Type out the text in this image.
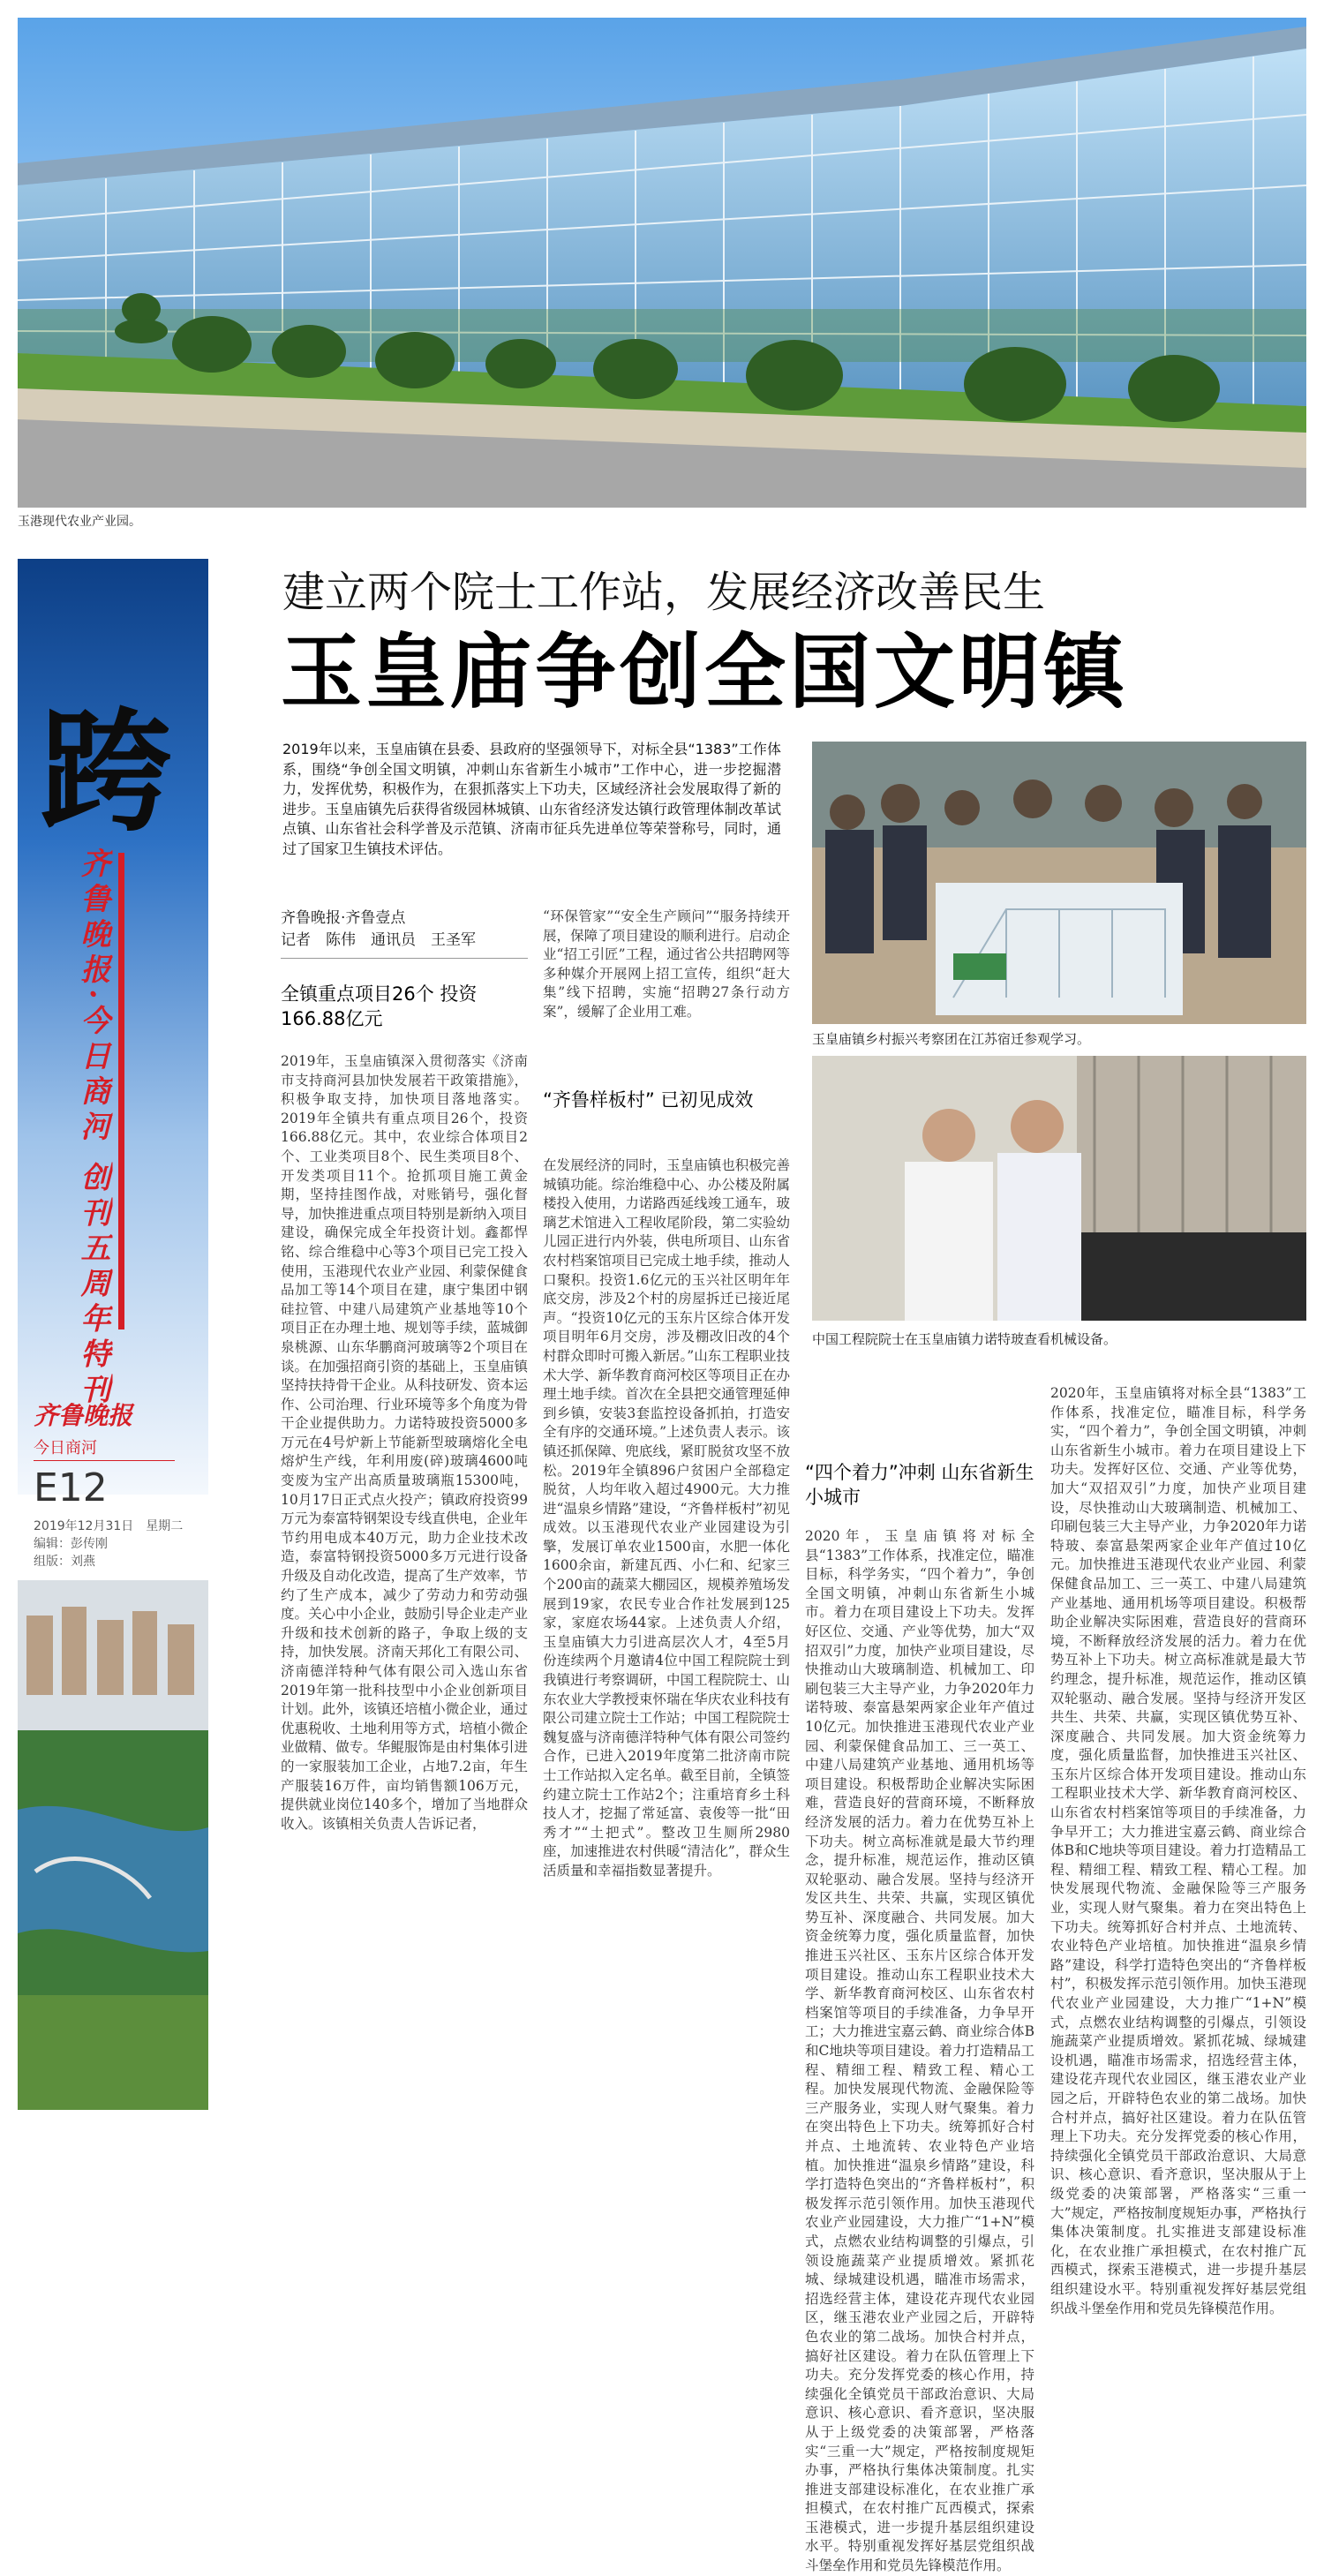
玉港现代农业产业园。
跨
齐鲁晚报·今日商河 创刊五周年特刊
齐鲁晚报
今日商河
E12
2019年12月31日　星期二
编辑：彭传刚
组版：刘燕
建立两个院士工作站，发展经济改善民生
玉皇庙争创全国文明镇
2019年以来，玉皇庙镇在县委、县政府的坚强领导下，对标全县“1383”工作体系，围绕“争创全国文明镇，冲刺山东省新生小城市”工作中心，进一步挖掘潜力，发挥优势，积极作为，在狠抓落实上下功夫，区域经济社会发展取得了新的进步。玉皇庙镇先后获得省级园林城镇、山东省经济发达镇行政管理体制改革试点镇、山东省社会科学普及示范镇、济南市征兵先进单位等荣誉称号，同时，通过了国家卫生镇技术评估。
玉皇庙镇乡村振兴考察团在江苏宿迁参观学习。
中国工程院院士在玉皇庙镇力诺特玻查看机械设备。
齐鲁晚报·齐鲁壹点
记者　陈伟　通讯员　王圣军
全镇重点项目26个 投资166.88亿元
2019年，玉皇庙镇深入贯彻落实《济南市支持商河县加快发展若干政策措施》，积极争取支持，加快项目落地落实。2019年全镇共有重点项目26个，投资166.88亿元。其中，农业综合体项目2个、工业类项目8个、民生类项目8个、开发类项目11个。抢抓项目施工黄金期，坚持挂图作战，对账销号，强化督导，加快推进重点项目特别是新纳入项目建设，确保完成全年投资计划。鑫都悍铭、综合维稳中心等3个项目已完工投入使用，玉港现代农业产业园、利蒙保健食品加工等14个项目在建，康宁集团中钢硅拉管、中建八局建筑产业基地等10个项目正在办理土地、规划等手续，蓝城御泉桃源、山东华鹏商河玻璃等2个项目在谈。在加强招商引资的基础上，玉皇庙镇坚持扶持骨干企业。从科技研发、资本运作、公司治理、行业环境等多个角度为骨干企业提供助力。力诺特玻投资5000多万元在4号炉新上节能新型玻璃熔化全电熔炉生产线，年利用废(碎)玻璃4600吨变废为宝产出高质量玻璃瓶15300吨，10月17日正式点火投产；镇政府投资99万元为泰富特钢架设专线直供电，企业年节约用电成本40万元，助力企业技术改造，泰富特钢投资5000多万元进行设备升级及自动化改造，提高了生产效率，节约了生产成本，减少了劳动力和劳动强度。关心中小企业，鼓励引导企业走产业升级和技术创新的路子，争取上级的支持，加快发展。济南天邦化工有限公司、济南德洋特种气体有限公司入选山东省2019年第一批科技型中小企业创新项目计划。此外，该镇还培植小微企业，通过优惠税收、土地利用等方式，培植小微企业做精、做专。华鲲服饰是由村集体引进的一家服装加工企业，占地7.2亩，年生产服装16万件，亩均销售额106万元，提供就业岗位140多个，增加了当地群众收入。该镇相关负责人告诉记者，
“环保管家”“安全生产顾问”“服务持续开展，保障了项目建设的顺利进行。启动企业“招工引匠”工程，通过省公共招聘网等多种媒介开展网上招工宣传，组织“赶大集”线下招聘，实施“招聘27条行动方案”，缓解了企业用工难。
“齐鲁样板村” 已初见成效
在发展经济的同时，玉皇庙镇也积极完善城镇功能。综治维稳中心、办公楼及附属楼投入使用，力诺路西延线竣工通车，玻璃艺术馆进入工程收尾阶段，第二实验幼儿园正进行内外装，供电所项目、山东省农村档案馆项目已完成土地手续，推动人口聚积。投资1.6亿元的玉兴社区明年年底交房，涉及2个村的房屋拆迁已接近尾声。“投资10亿元的玉东片区综合体开发项目明年6月交房，涉及棚改旧改的4个村群众即时可搬入新居。”山东工程职业技术大学、新华教育商河校区等项目正在办理土地手续。首次在全县把交通管理延伸到乡镇，安装3套监控设备抓拍，打造安全有序的交通环境。”上述负责人表示。该镇还抓保障、兜底线，紧盯脱贫攻坚不放松。2019年全镇896户贫困户全部稳定脱贫，人均年收入超过4900元。大力推进“温泉乡情路”建设，“齐鲁样板村”初见成效。以玉港现代农业产业园建设为引擎，发展订单农业1500亩，水肥一体化1600余亩，新建瓦西、小仁和、纪家三个200亩的蔬菜大棚园区，规模养殖场发展到19家，农民专业合作社发展到125家，家庭农场44家。上述负责人介绍，玉皇庙镇大力引进高层次人才，4至5月份连续两个月邀请4位中国工程院院士到我镇进行考察调研，中国工程院院士、山东农业大学教授束怀瑞在华庆农业科技有限公司建立院士工作站；中国工程院院士魏复盛与济南德洋特种气体有限公司签约合作，已进入2019年度第二批济南市院士工作站拟入定名单。截至目前，全镇签约建立院士工作站2个；注重培育乡土科技人才，挖掘了常延富、袁俊等一批“田秀才”“土把式”。整改卫生厕所2980座，加速推进农村供暖“清洁化”，群众生活质量和幸福指数显著提升。
“四个着力”冲刺 山东省新生小城市
2020年，玉皇庙镇将对标全县“1383”工作体系，找准定位，瞄准目标，科学务实，“四个着力”，争创全国文明镇，冲刺山东省新生小城市。着力在项目建设上下功夫。发挥好区位、交通、产业等优势，加大“双招双引”力度，加快产业项目建设，尽快推动山大玻璃制造、机械加工、印刷包装三大主导产业，力争2020年力诺特玻、泰富悬架两家企业年产值过10亿元。加快推进玉港现代农业产业园、利蒙保健食品加工、三一英工、中建八局建筑产业基地、通用机场等项目建设。积极帮助企业解决实际困难，营造良好的营商环境，不断释放经济发展的活力。着力在优势互补上下功夫。树立高标准就是最大节约理念，提升标准，规范运作，推动区镇双轮驱动、融合发展。坚持与经济开发区共生、共荣、共赢，实现区镇优势互补、深度融合、共同发展。加大资金统筹力度，强化质量监督，加快推进玉兴社区、玉东片区综合体开发项目建设。推动山东工程职业技术大学、新华教育商河校区、山东省农村档案馆等项目的手续准备，力争早开工；大力推进宝嘉云鹤、商业综合体B和C地块等项目建设。着力打造精品工程、精细工程、精致工程、精心工程。加快发展现代物流、金融保险等三产服务业，实现人财气聚集。着力在突出特色上下功夫。统筹抓好合村并点、土地流转、农业特色产业培植。加快推进“温泉乡情路”建设，科学打造特色突出的“齐鲁样板村”，积极发挥示范引领作用。加快玉港现代农业产业园建设，大力推广“1+N”模式，点燃农业结构调整的引爆点，引领设施蔬菜产业提质增效。紧抓花城、绿城建设机遇，瞄准市场需求，招选经营主体，建设花卉现代农业园区，继玉港农业产业园之后，开辟特色农业的第二战场。加快合村并点，搞好社区建设。着力在队伍管理上下功夫。充分发挥党委的核心作用，持续强化全镇党员干部政治意识、大局意识、核心意识、看齐意识，坚决服从于上级党委的决策部署，严格落实“三重一大”规定，严格按制度规矩办事，严格执行集体决策制度。扎实推进支部建设标准化，在农业推广承担模式，在农村推广瓦西模式，探索玉港模式，进一步提升基层组织建设水平。特别重视发挥好基层党组织战斗堡垒作用和党员先锋模范作用。
2020年，玉皇庙镇将对标全县“1383”工作体系，找准定位，瞄准目标，科学务实，“四个着力”，争创全国文明镇，冲刺山东省新生小城市。着力在项目建设上下功夫。发挥好区位、交通、产业等优势，加大“双招双引”力度，加快产业项目建设，尽快推动山大玻璃制造、机械加工、印刷包装三大主导产业，力争2020年力诺特玻、泰富悬架两家企业年产值过10亿元。加快推进玉港现代农业产业园、利蒙保健食品加工、三一英工、中建八局建筑产业基地、通用机场等项目建设。积极帮助企业解决实际困难，营造良好的营商环境，不断释放经济发展的活力。着力在优势互补上下功夫。树立高标准就是最大节约理念，提升标准，规范运作，推动区镇双轮驱动、融合发展。坚持与经济开发区共生、共荣、共赢，实现区镇优势互补、深度融合、共同发展。加大资金统筹力度，强化质量监督，加快推进玉兴社区、玉东片区综合体开发项目建设。推动山东工程职业技术大学、新华教育商河校区、山东省农村档案馆等项目的手续准备，力争早开工；大力推进宝嘉云鹤、商业综合体B和C地块等项目建设。着力打造精品工程、精细工程、精致工程、精心工程。加快发展现代物流、金融保险等三产服务业，实现人财气聚集。着力在突出特色上下功夫。统筹抓好合村并点、土地流转、农业特色产业培植。加快推进“温泉乡情路”建设，科学打造特色突出的“齐鲁样板村”，积极发挥示范引领作用。加快玉港现代农业产业园建设，大力推广“1+N”模式，点燃农业结构调整的引爆点，引领设施蔬菜产业提质增效。紧抓花城、绿城建设机遇，瞄准市场需求，招选经营主体，建设花卉现代农业园区，继玉港农业产业园之后，开辟特色农业的第二战场。加快合村并点，搞好社区建设。着力在队伍管理上下功夫。充分发挥党委的核心作用，持续强化全镇党员干部政治意识、大局意识、核心意识、看齐意识，坚决服从于上级党委的决策部署，严格落实“三重一大”规定，严格按制度规矩办事，严格执行集体决策制度。扎实推进支部建设标准化，在农业推广承担模式，在农村推广瓦西模式，探索玉港模式，进一步提升基层组织建设水平。特别重视发挥好基层党组织战斗堡垒作用和党员先锋模范作用。
